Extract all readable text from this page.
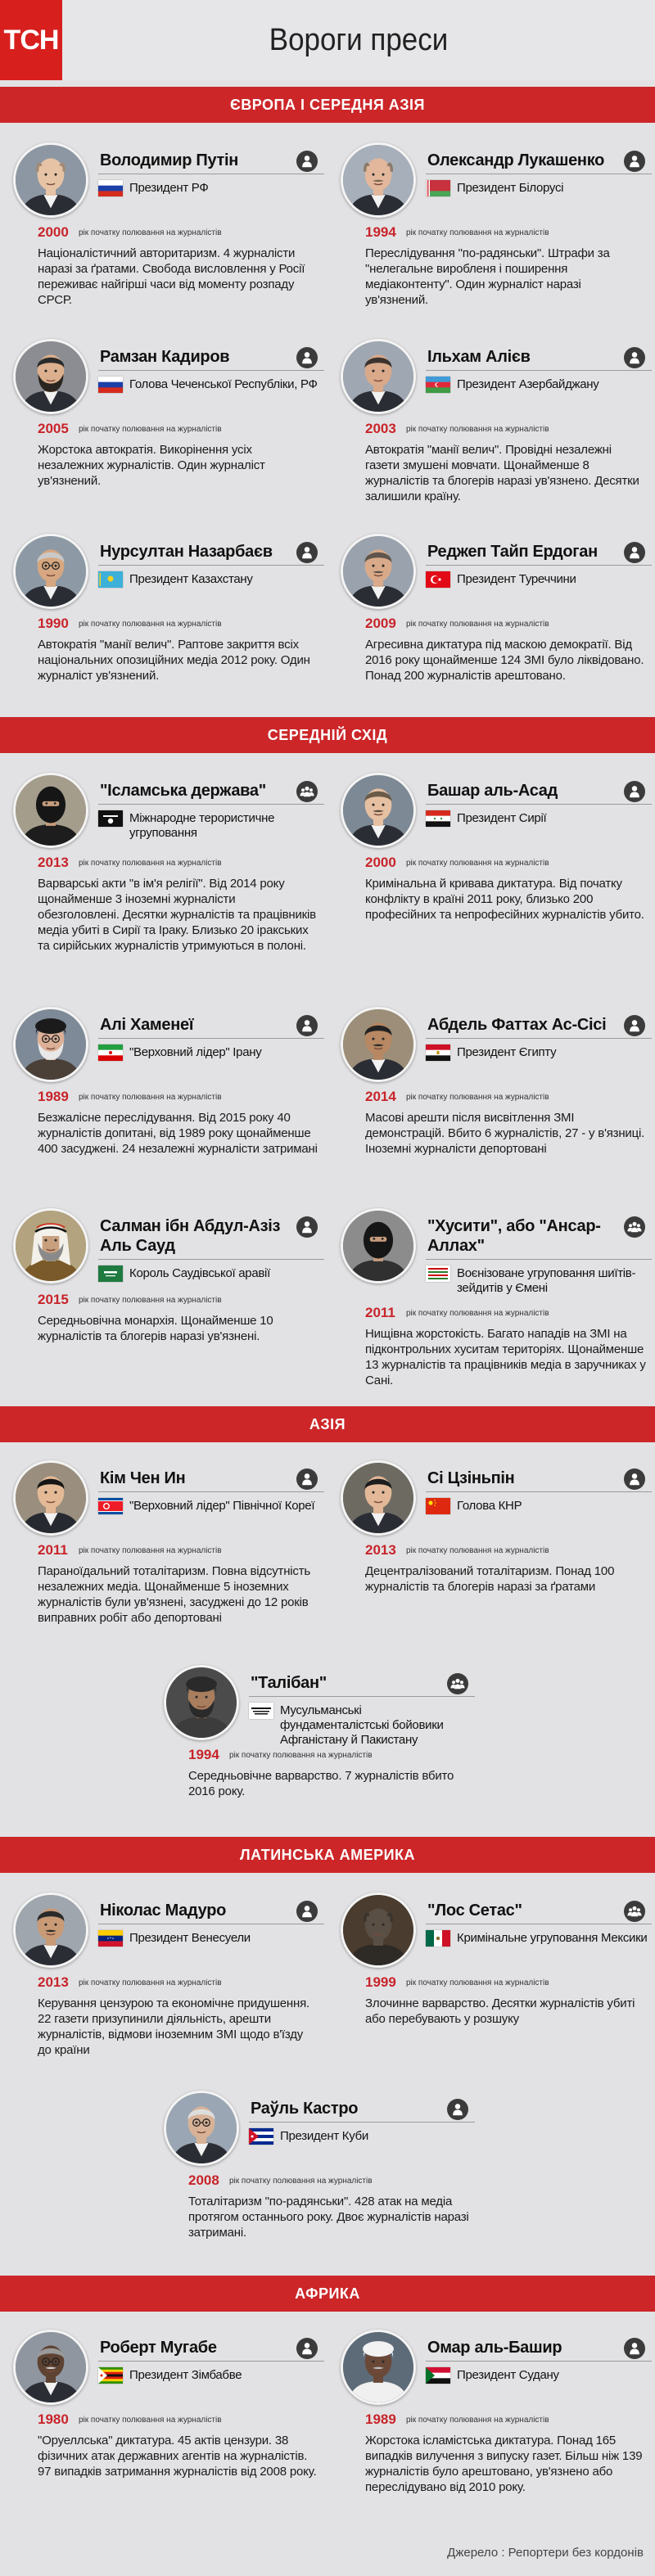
ТСН	Вороги преси
ЄВРОПА І СЕРЕДНЯ АЗІЯ
СЕРЕДНІЙ СХІД
АЗІЯ
ЛАТИНСЬКА АМЕРИКА
АФРИКА
Джерело : Репортери без кордонів
Володимир Путін
Президент РФ
2000 рік початку полювання на журналістів
Націоналістичний авторитаризм. 4 журналісти наразі за ґратами. Свобода висловлення у Росії переживає найгірші часи від моменту розпаду СРСР.
Олександр Лукашенко
Президент Білорусі
1994 рік початку полювання на журналістів
Переслідування "по-радянськи". Штрафи за "нелегальне виробленя і поширення медіаконтенту". Один журналіст наразі ув'язнений.
Рамзан Кадиров
Голова Чеченської Республіки, РФ
2005 рік початку полювання на журналістів
Жорстока автократія. Викорінення усіх незалежних журналістів. Один журналіст ув'язнений.
Ільхам Алієв
Президент Азербайджану
2003 рік початку полювання на журналістів
Автократія "манії велич". Провідні незалежні газети змушені мовчати. Щонайменше 8 журналістів та блогерів наразі ув'язнено. Десятки залишили країну.
Нурсултан Назарбаєв
Президент Казахстану
1990 рік початку полювання на журналістів
Автократія "манії велич". Раптове закриття всіх національних опозиційних медіа 2012 року. Один журналіст ув'язнений.
Реджеп Тайп Ердоган
Президент Туреччини
2009 рік початку полювання на журналістів
Агресивна диктатура під маскою демократії. Від 2016 року щонайменше 124 ЗМІ було ліквідовано. Понад 200 журналістів арештовано.
"Ісламська держава"
Міжнародне терористичне угруповання
2013 рік початку полювання на журналістів
Варварські акти "в ім'я релігії". Від 2014 року щонайменше 3 іноземні журналісти обезголовлені. Десятки журналістів та працівників медіа убиті в Сирії та Іраку. Близько 20 іракських та сирійських журналістів утримуються в полоні.
Башар аль-Асад
Президент Сирії
2000 рік початку полювання на журналістів
Кримінальна й кривава диктатура. Від початку конфлікту в країні 2011 року, близько 200 професійних та непрофесійних журналістів убито.
Алі Хаменеї
"Верховний лідер" Ірану
1989 рік початку полювання на журналістів
Безжалісне переслідування. Від 2015 року 40 журналістів допитані, від 1989 року щонайменше 400 засуджені. 24 незалежні журналісти затримані
Абдель Фаттах Ас-Сісі
Президент Єгипту
2014 рік початку полювання на журналістів
Масові арешти після висвітлення ЗМІ демонстрацій. Вбито 6 журналістів, 27 - у в'язниці. Іноземні журналісти депортовані
Салман ібн Абдул-Азіз Аль Сауд
Король Саудівської аравії
2015 рік початку полювання на журналістів
Середньовічна монархія. Щонайменше 10 журналістів та блогерів наразі ув'язнені.
"Хусити", або "Ансар-Аллах"
Воєнізоване угруповання шиїтів-зейдитів у Ємені
2011 рік початку полювання на журналістів
Нищівна жорстокість. Багато нападів на ЗМІ на підконтрольних хуситам територіях. Щонайменше 13 журналістів та працівників медіа в заручниках у Сані.
Кім Чен Ин
"Верховний лідер" Північної Кореї
2011 рік початку полювання на журналістів
Параноїдальний тоталітаризм. Повна відсутність незалежних медіа. Щонайменше 5 іноземних журналістів були ув'язнені, засуджені до 12 років виправних робіт або депортовані
Сі Цзіньпін
Голова КНР
2013 рік початку полювання на журналістів
Децентралізований тоталітаризм. Понад 100 журналістів та блогерів наразі за ґратами
"Талібан"
Мусульманські фундаменталістські бойовики Афганістану й Пакистану
1994 рік початку полювання на журналістів
Середньовічне варварство. 7 журналістів вбито 2016 року.
Ніколас Мадуро
Президент Венесуели
2013 рік початку полювання на журналістів
Керування цензурою та економічне придушення. 22 газети призупинили діяльність, арешти журналістів, відмови іноземним ЗМІ щодо в'їзду до країни
"Лос Сетас"
Кримінальне угруповання Мексики
1999 рік початку полювання на журналістів
Злочинне варварство. Десятки журналістів убиті або перебувають у розшуку
Раўль Кастро
Президент Куби
2008 рік початку полювання на журналістів
Тоталітаризм "по-радянськи". 428 атак на медіа протягом останнього року. Двоє журналістів наразі затримані.
Роберт Мугабе
Президент Зімбабве
1980 рік початку полювання на журналістів
"Оруеллська" диктатура. 45 актів цензури. 38 фізичних атак державних агентів на журналістів. 97 випадків затримання журналістів від 2008 року.
Омар аль-Башир
Президент Судану
1989 рік початку полювання на журналістів
Жорстока ісламістська диктатура. Понад 165 випадків вилучення з випуску газет. Більш ніж 139 журналістів було арештовано, ув'язнено або переслідувано від 2010 року.
